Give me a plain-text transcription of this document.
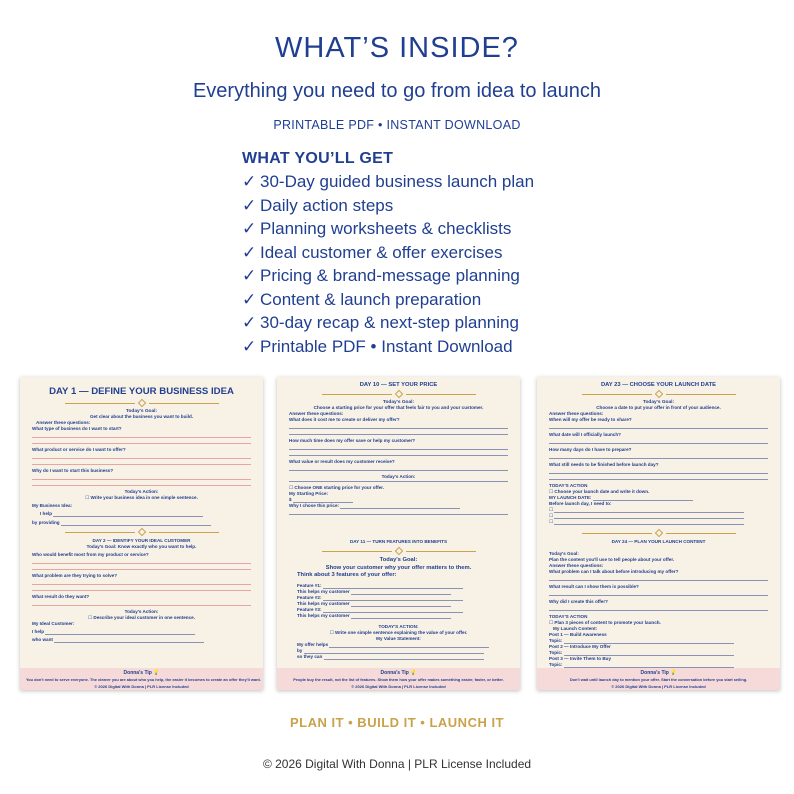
WHAT’S INSIDE?
Everything you need to go from idea to launch
PRINTABLE PDF • INSTANT DOWNLOAD
WHAT YOU’LL GET
✓ 30-Day guided business launch plan
✓ Daily action steps
✓ Planning worksheets & checklists
✓ Ideal customer & offer exercises
✓ Pricing & brand-message planning
✓ Content & launch preparation
✓ 30-day recap & next-step planning
✓ Printable PDF • Instant Download
DAY 1 — DEFINE YOUR BUSINESS IDEA
Today's Goal:
Get clear about the business you want to build.
Answer these questions:
What type of business do I want to start?
What product or service do I want to offer?
Why do I want to start this business?
Today's Action:
☐ Write your business idea in one simple sentence.
My Business Idea:
I help
by providing
DAY 2 — IDENTIFY YOUR IDEAL CUSTOMER
Today's Goal: Know exactly who you want to help.
Who would benefit most from my product or service?
What problem are they trying to solve?
What result do they want?
Today's Action:
☐ Describe your ideal customer in one sentence.
My Ideal Customer:
I help
who want
Donna's Tip 💡
You don't need to serve everyone. The clearer you are about who you help, the easier it becomes to create an offer they'll want.
© 2026 Digital With Donna | PLR License Included
DAY 10 — SET YOUR PRICE
Today's Goal:
Choose a starting price for your offer that feels fair to you and your customer.
Answer these questions:
What does it cost me to create or deliver my offer?
How much time does my offer save or help my customer?
What value or result does my customer receive?
Today's Action:
☐ Choose ONE starting price for your offer.
My Starting Price:
$
Why I chose this price:
DAY 11 — TURN FEATURES INTO BENEFITS
Today's Goal:
Show your customer why your offer matters to them.
Think about 3 features of your offer:
Feature #1:
This helps my customer
Feature #2:
This helps my customer
Feature #3:
This helps my customer
TODAY'S ACTION:
☐ Write one simple sentence explaining the value of your offer.
My Value Statement:
My offer helps
by
so they can
Donna's Tip 💡
People buy the result, not the list of features. Show them how your offer makes something easier, faster, or better.
© 2026 Digital With Donna | PLR License Included
DAY 23 — CHOOSE YOUR LAUNCH DATE
Today's Goal:
Choose a date to put your offer in front of your audience.
Answer these questions:
When will my offer be ready to share?
What date will I officially launch?
How many days do I have to prepare?
What still needs to be finished before launch day?
TODAY'S ACTION
☐ Choose your launch date and write it down.
MY LAUNCH DATE:
Before launch day, I need to:
☐
☐
☐
DAY 24 — PLAN YOUR LAUNCH CONTENT
Today's Goal:
Plan the content you'll use to tell people about your offer.
Answer these questions:
What problem can I talk about before introducing my offer?
What result can I show them is possible?
Why did I create this offer?
TODAY'S ACTION
☐ Plan 3 pieces of content to promote your launch.
My Launch Content:
Post 1 — Build Awareness
Topic:
Post 2 — Introduce My Offer
Topic:
Post 3 — Invite Them to Buy
Topic:
Donna's Tip 💡
Don't wait until launch day to mention your offer. Start the conversation before you start selling.
© 2026 Digital With Donna | PLR License Included
PLAN IT • BUILD IT • LAUNCH IT
© 2026 Digital With Donna | PLR License Included
